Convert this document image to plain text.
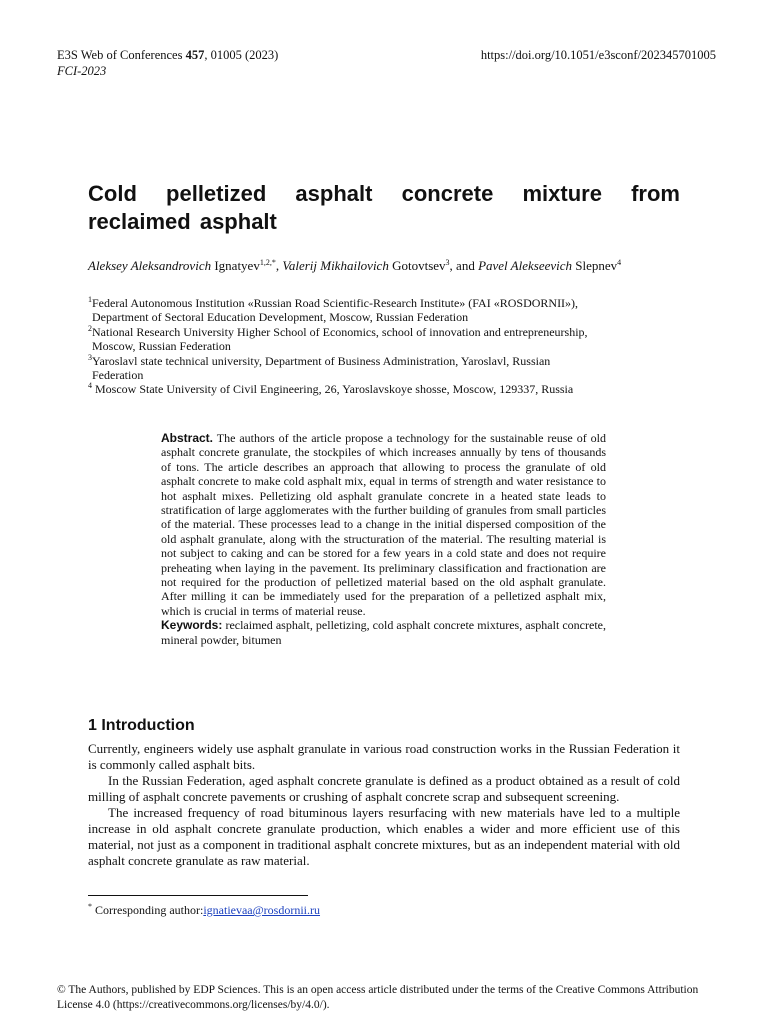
E3S Web of Conferences 457, 01005 (2023)	https://doi.org/10.1051/e3sconf/202345701005
FCI-2023
Cold pelletized asphalt concrete mixture from reclaimed asphalt
Aleksey Aleksandrovich Ignatyev$^{1,2,*}$, Valerij Mikhailovich Gotovtsev$^3$, and Pavel Alekseevich Slepnev$^4$
$^1$Federal Autonomous Institution «Russian Road Scientific-Research Institute» (FAI «ROSDORNII»),
Department of Sectoral Education Development, Moscow, Russian Federation
$^2$National Research University Higher School of Economics, school of innovation and entrepreneurship,
Moscow, Russian Federation
$^3$Yaroslavl state technical university, Department of Business Administration, Yaroslavl, Russian
Federation
$^4$ Moscow State University of Civil Engineering, 26, Yaroslavskoye shosse, Moscow, 129337, Russia
Abstract. The authors of the article propose a technology for the sustainable reuse of old asphalt concrete granulate, the stockpiles of which increases annually by tens of thousands of tons. The article describes an approach that allowing to process the granulate of old asphalt concrete to make cold asphalt mix, equal in terms of strength and water resistance to hot asphalt mixes. Pelletizing old asphalt granulate concrete in a heated state leads to stratification of large agglomerates with the further building of granules from small particles of the material. These processes lead to a change in the initial dispersed composition of the old asphalt granulate, along with the structuration of the material. The resulting material is not subject to caking and can be stored for a few years in a cold state and does not require preheating when laying in the pavement. Its preliminary classification and fractionation are not required for the production of pelletized material based on the old asphalt granulate. After milling it can be immediately used for the preparation of a pelletized asphalt mix, which is crucial in terms of material reuse.
Keywords: reclaimed asphalt, pelletizing, cold asphalt concrete mixtures, asphalt concrete, mineral powder, bitumen
1 Introduction

Currently, engineers widely use asphalt granulate in various road construction works in the Russian Federation it is commonly called asphalt bits.

In the Russian Federation, aged asphalt concrete granulate is defined as a product obtained as a result of cold milling of asphalt concrete pavements or crushing of asphalt concrete scrap and subsequent screening.

The increased frequency of road bituminous layers resurfacing with new materials have led to a multiple increase in old asphalt concrete granulate production, which enables a wider and more efficient use of this material, not just as a component in traditional asphalt concrete mixtures, but as an independent material with old asphalt concrete granulate as raw material.

* Corresponding author:ignatievaa@rosdornii.ru
© The Authors, published by EDP Sciences. This is an open access article distributed under the terms of the Creative Commons Attribution License 4.0 (https://creativecommons.org/licenses/by/4.0/).
